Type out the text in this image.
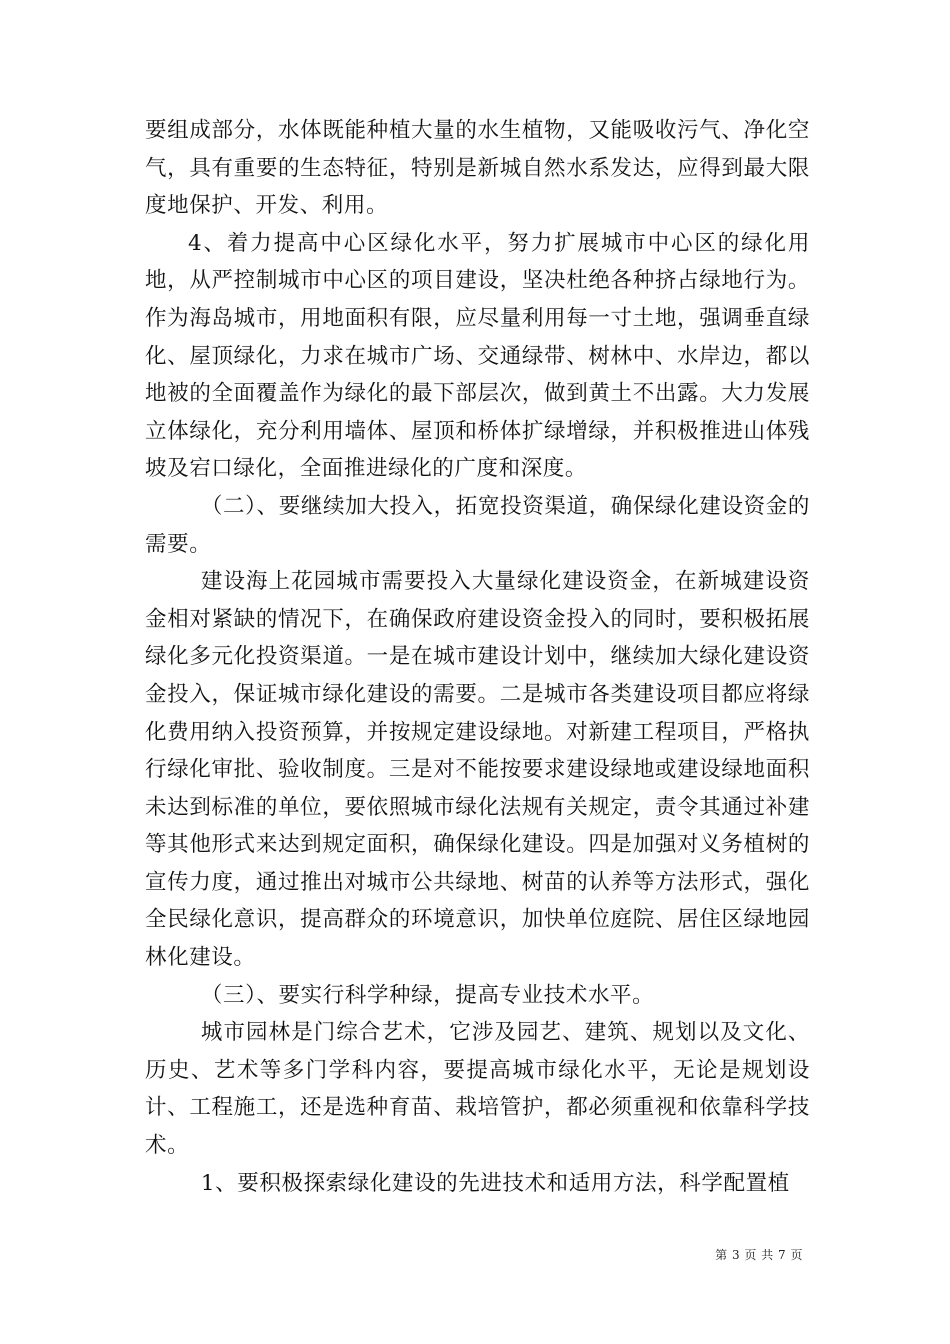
要组成部分，水体既能种植大量的水生植物，又能吸收污气、净化空气，具有重要的生态特征，特别是新城自然水系发达，应得到最大限度地保护、开发、利用。

4、着力提高中心区绿化水平，努力扩展城市中心区的绿化用地，从严控制城市中心区的项目建设，坚决杜绝各种挤占绿地行为。作为海岛城市，用地面积有限，应尽量利用每一寸土地，强调垂直绿化、屋顶绿化，力求在城市广场、交通绿带、树林中、水岸边，都以地被的全面覆盖作为绿化的最下部层次，做到黄土不出露。大力发展立体绿化，充分利用墙体、屋顶和桥体扩绿增绿，并积极推进山体残坡及宕口绿化，全面推进绿化的广度和深度。

（二）、要继续加大投入，拓宽投资渠道，确保绿化建设资金的需要。

建设海上花园城市需要投入大量绿化建设资金，在新城建设资金相对紧缺的情况下，在确保政府建设资金投入的同时，要积极拓展绿化多元化投资渠道。一是在城市建设计划中，继续加大绿化建设资金投入，保证城市绿化建设的需要。二是城市各类建设项目都应将绿化费用纳入投资预算，并按规定建设绿地。对新建工程项目，严格执行绿化审批、验收制度。三是对不能按要求建设绿地或建设绿地面积未达到标准的单位，要依照城市绿化法规有关规定，责令其通过补建等其他形式来达到规定面积，确保绿化建设。四是加强对义务植树的宣传力度，通过推出对城市公共绿地、树苗的认养等方法形式，强化全民绿化意识，提高群众的环境意识，加快单位庭院、居住区绿地园林化建设。

（三）、要实行科学种绿，提高专业技术水平。

城市园林是门综合艺术，它涉及园艺、建筑、规划以及文化、历史、艺术等多门学科内容，要提高城市绿化水平，无论是规划设计、工程施工，还是选种育苗、栽培管护，都必须重视和依靠科学技术。

1、要积极探索绿化建设的先进技术和适用方法，科学配置植

第 3 页 共 7 页
